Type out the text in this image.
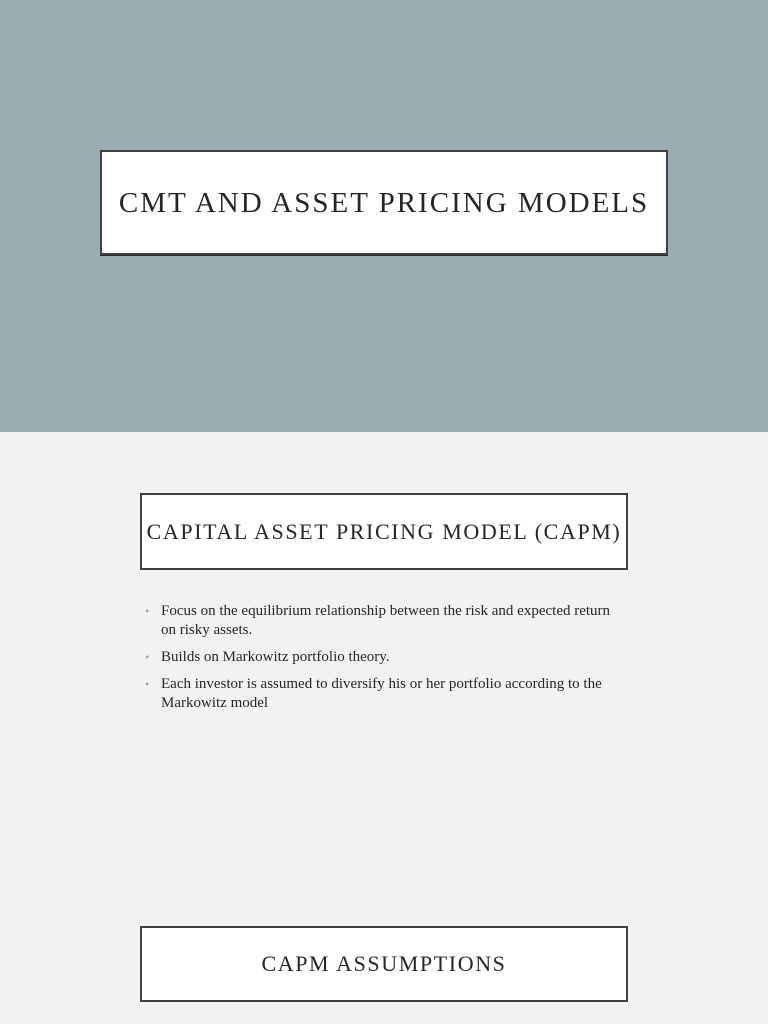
CMT AND ASSET PRICING MODELS
CAPITAL ASSET PRICING MODEL (CAPM)
• Focus on the equilibrium relationship between the risk and expected return on risky assets.
• Builds on Markowitz portfolio theory.
• Each investor is assumed to diversify his or her portfolio according to the Markowitz model
CAPM ASSUMPTIONS
